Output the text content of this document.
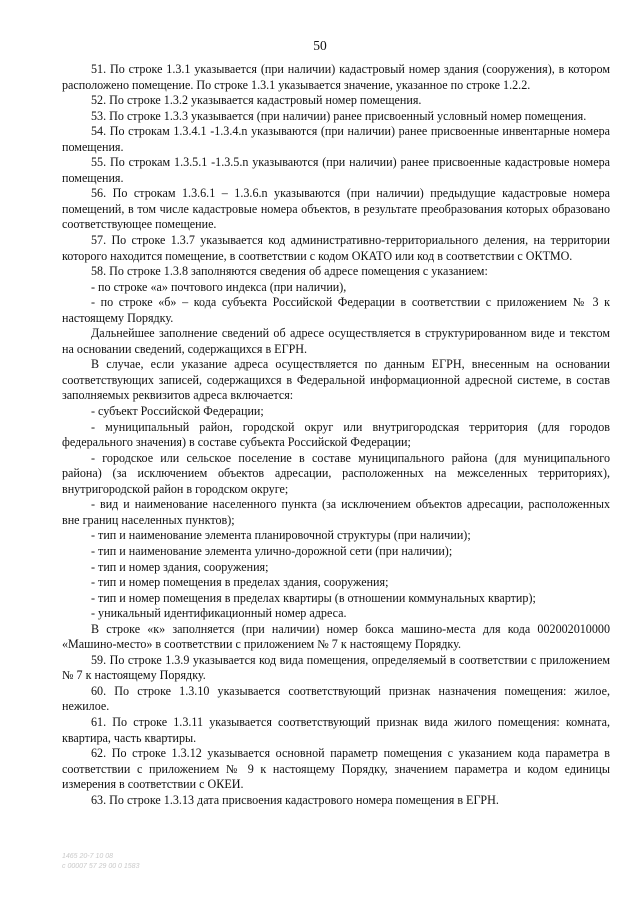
50

51. По строке 1.3.1 указывается (при наличии) кадастровый номер здания (сооружения), в котором расположено помещение. По строке 1.3.1 указывается значение, указанное по строке 1.2.2.

52. По строке 1.3.2 указывается кадастровый номер помещения.

53. По строке 1.3.3 указывается (при наличии) ранее присвоенный условный номер помещения.

54. По строкам 1.3.4.1 -1.3.4.n указываются (при наличии) ранее присвоенные инвентарные номера помещения.

55. По строкам 1.3.5.1 -1.3.5.n указываются (при наличии) ранее присвоенные кадастровые номера помещения.

56. По строкам 1.3.6.1 – 1.3.6.n указываются (при наличии) предыдущие кадастровые номера помещений, в том числе кадастровые номера объектов, в результате преобразования которых образовано соответствующее помещение.

57. По строке 1.3.7 указывается код административно-территориального деления, на территории которого находится помещение, в соответствии с кодом ОКАТО или код в соответствии с ОКТМО.

58. По строке 1.3.8 заполняются сведения об адресе помещения с указанием:

- по строке «а» почтового индекса (при наличии),

- по строке «б» – кода субъекта Российской Федерации в соответствии с приложением № 3 к настоящему Порядку.

Дальнейшее заполнение сведений об адресе осуществляется в структурированном виде и текстом на основании сведений, содержащихся в ЕГРН.

В случае, если указание адреса осуществляется по данным ЕГРН, внесенным на основании соответствующих записей, содержащихся в Федеральной информационной адресной системе, в состав заполняемых реквизитов адреса включается:

- субъект Российской Федерации;

- муниципальный район, городской округ или внутригородская территория (для городов федерального значения) в составе субъекта Российской Федерации;

- городское или сельское поселение в составе муниципального района (для муниципального района) (за исключением объектов адресации, расположенных на межселенных территориях), внутригородской район в городском округе;

- вид и наименование населенного пункта (за исключением объектов адресации, расположенных вне границ населенных пунктов);

- тип и наименование элемента планировочной структуры (при наличии);

- тип и наименование элемента улично-дорожной сети (при наличии);

- тип и номер здания, сооружения;

- тип и номер помещения в пределах здания, сооружения;

- тип и номер помещения в пределах квартиры (в отношении коммунальных квартир);

- уникальный идентификационный номер адреса.

В строке «к» заполняется (при наличии) номер бокса машино-места для кода 002002010000 «Машино-место» в соответствии с приложением № 7 к настоящему Порядку.

59. По строке 1.3.9 указывается код вида помещения, определяемый в соответствии с приложением № 7 к настоящему Порядку.

60. По строке 1.3.10 указывается соответствующий признак назначения помещения: жилое, нежилое.

61. По строке 1.3.11 указывается соответствующий признак вида жилого помещения: комната, квартира, часть квартиры.

62. По строке 1.3.12 указывается основной параметр помещения с указанием кода параметра в соответствии с приложением № 9 к настоящему Порядку, значением параметра и кодом единицы измерения в соответствии с ОКЕИ.

63. По строке 1.3.13 дата присвоения кадастрового номера помещения в ЕГРН.

1465 20-7 10 08
с 00007 57 29 00 0 1583
